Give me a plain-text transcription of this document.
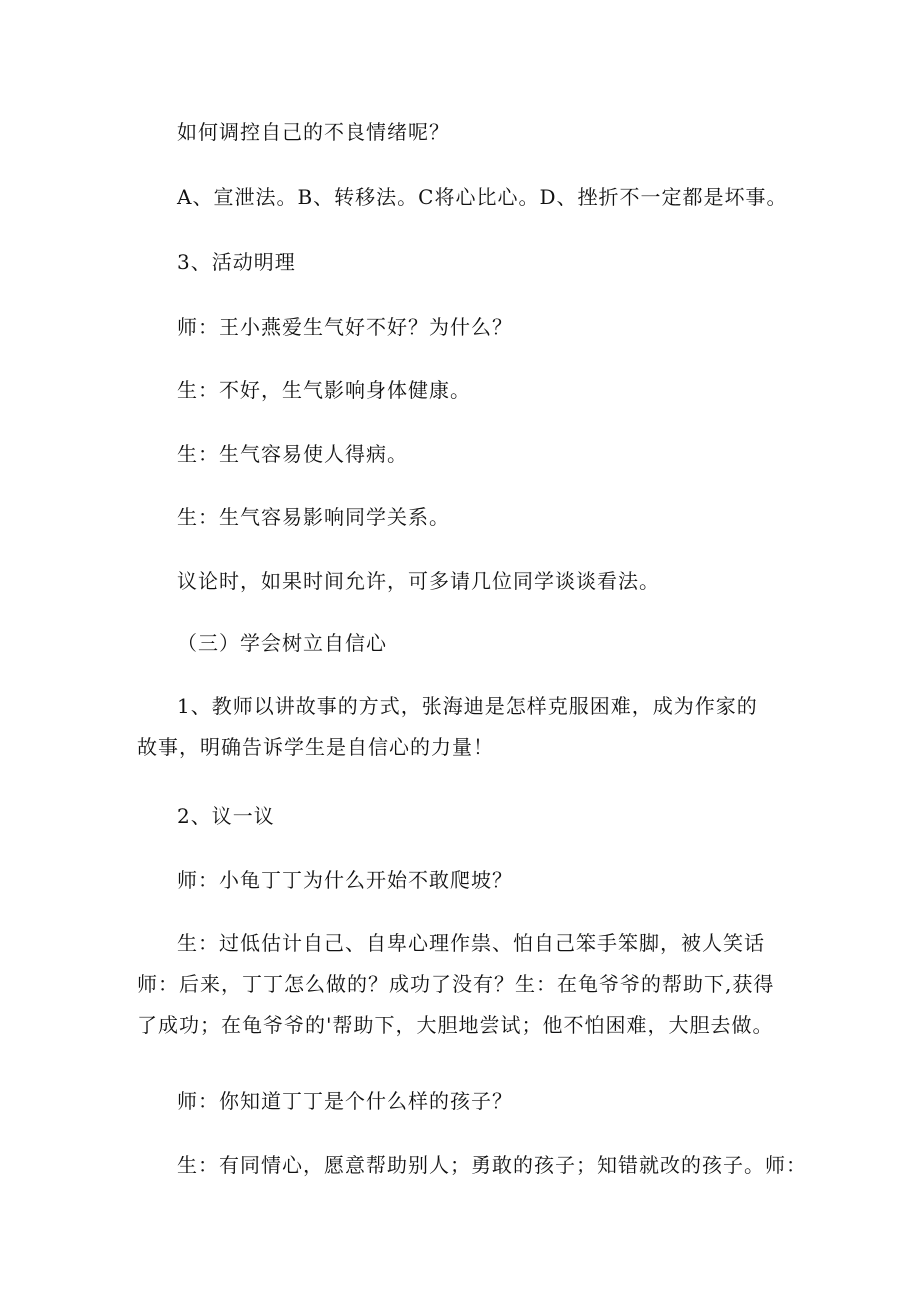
如何调控自己的不良情绪呢？

A、宣泄法。B、转移法。C将心比心。D、挫折不一定都是坏事。

3、活动明理

师：王小燕爱生气好不好？为什么？

生：不好，生气影响身体健康。

生：生气容易使人得病。

生：生气容易影响同学关系。

议论时，如果时间允许，可多请几位同学谈谈看法。

（三）学会树立自信心

1、教师以讲故事的方式，张海迪是怎样克服困难，成为作家的故事，明确告诉学生是自信心的力量！

2、议一议

师：小龟丁丁为什么开始不敢爬坡？

生：过低估计自己、自卑心理作祟、怕自己笨手笨脚，被人笑话师：后来，丁丁怎么做的？成功了没有？生：在龟爷爷的帮助下,获得了成功；在龟爷爷的'帮助下，大胆地尝试；他不怕困难，大胆去做。

师：你知道丁丁是个什么样的孩子？

生：有同情心，愿意帮助别人；勇敢的孩子；知错就改的孩子。师：
